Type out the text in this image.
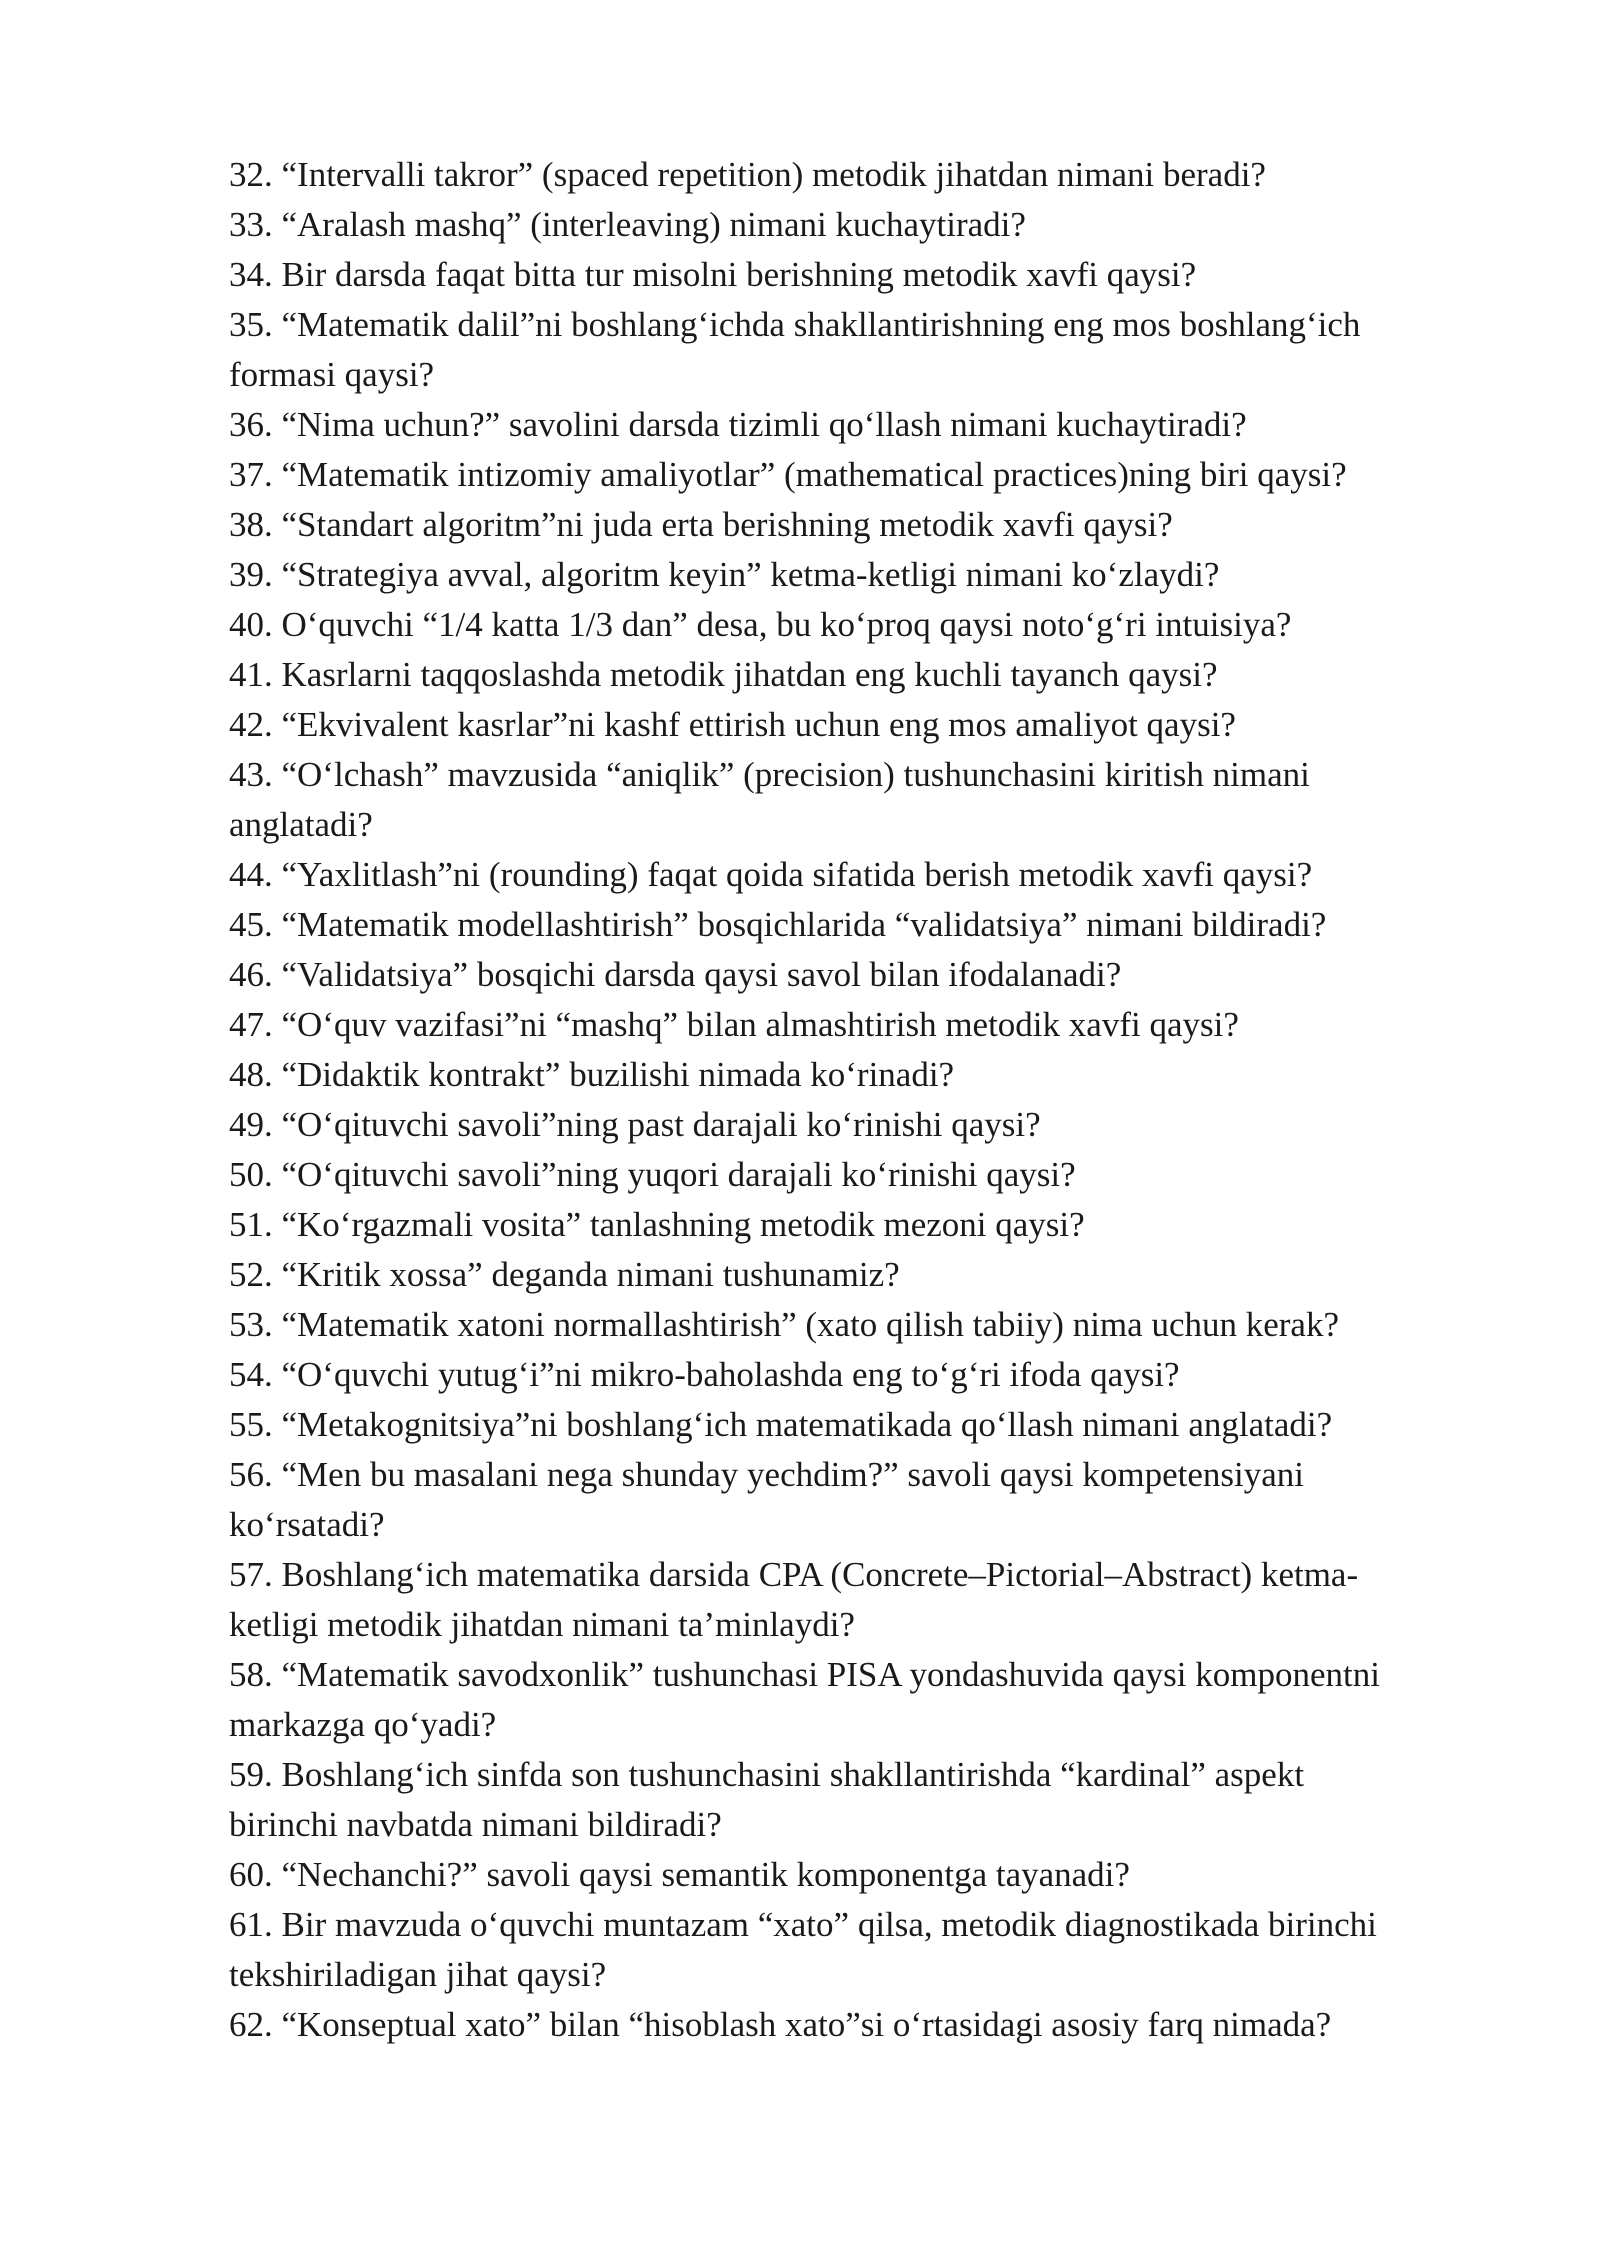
32. “Intervalli takror” (spaced repetition) metodik jihatdan nimani beradi?
33. “Aralash mashq” (interleaving) nimani kuchaytiradi?
34. Bir darsda faqat bitta tur misolni berishning metodik xavfi qaysi?
35. “Matematik dalil”ni boshlang‘ichda shakllantirishning eng mos boshlang‘ich
formasi qaysi?
36. “Nima uchun?” savolini darsda tizimli qo‘llash nimani kuchaytiradi?
37. “Matematik intizomiy amaliyotlar” (mathematical practices)ning biri qaysi?
38. “Standart algoritm”ni juda erta berishning metodik xavfi qaysi?
39. “Strategiya avval, algoritm keyin” ketma-ketligi nimani ko‘zlaydi?
40. O‘quvchi “1/4 katta 1/3 dan” desa, bu ko‘proq qaysi noto‘g‘ri intuisiya?
41. Kasrlarni taqqoslashda metodik jihatdan eng kuchli tayanch qaysi?
42. “Ekvivalent kasrlar”ni kashf ettirish uchun eng mos amaliyot qaysi?
43. “O‘lchash” mavzusida “aniqlik” (precision) tushunchasini kiritish nimani
anglatadi?
44. “Yaxlitlash”ni (rounding) faqat qoida sifatida berish metodik xavfi qaysi?
45. “Matematik modellashtirish” bosqichlarida “validatsiya” nimani bildiradi?
46. “Validatsiya” bosqichi darsda qaysi savol bilan ifodalanadi?
47. “O‘quv vazifasi”ni “mashq” bilan almashtirish metodik xavfi qaysi?
48. “Didaktik kontrakt” buzilishi nimada ko‘rinadi?
49. “O‘qituvchi savoli”ning past darajali ko‘rinishi qaysi?
50. “O‘qituvchi savoli”ning yuqori darajali ko‘rinishi qaysi?
51. “Ko‘rgazmali vosita” tanlashning metodik mezoni qaysi?
52. “Kritik xossa” deganda nimani tushunamiz?
53. “Matematik xatoni normallashtirish” (xato qilish tabiiy) nima uchun kerak?
54. “O‘quvchi yutug‘i”ni mikro-baholashda eng to‘g‘ri ifoda qaysi?
55. “Metakognitsiya”ni boshlang‘ich matematikada qo‘llash nimani anglatadi?
56. “Men bu masalani nega shunday yechdim?” savoli qaysi kompetensiyani
ko‘rsatadi?
57. Boshlang‘ich matematika darsida CPA (Concrete–Pictorial–Abstract) ketma-
ketligi metodik jihatdan nimani ta’minlaydi?
58. “Matematik savodxonlik” tushunchasi PISA yondashuvida qaysi komponentni
markazga qo‘yadi?
59. Boshlang‘ich sinfda son tushunchasini shakllantirishda “kardinal” aspekt
birinchi navbatda nimani bildiradi?
60. “Nechanchi?” savoli qaysi semantik komponentga tayanadi?
61. Bir mavzuda o‘quvchi muntazam “xato” qilsa, metodik diagnostikada birinchi
tekshiriladigan jihat qaysi?
62. “Konseptual xato” bilan “hisoblash xato”si o‘rtasidagi asosiy farq nimada?
